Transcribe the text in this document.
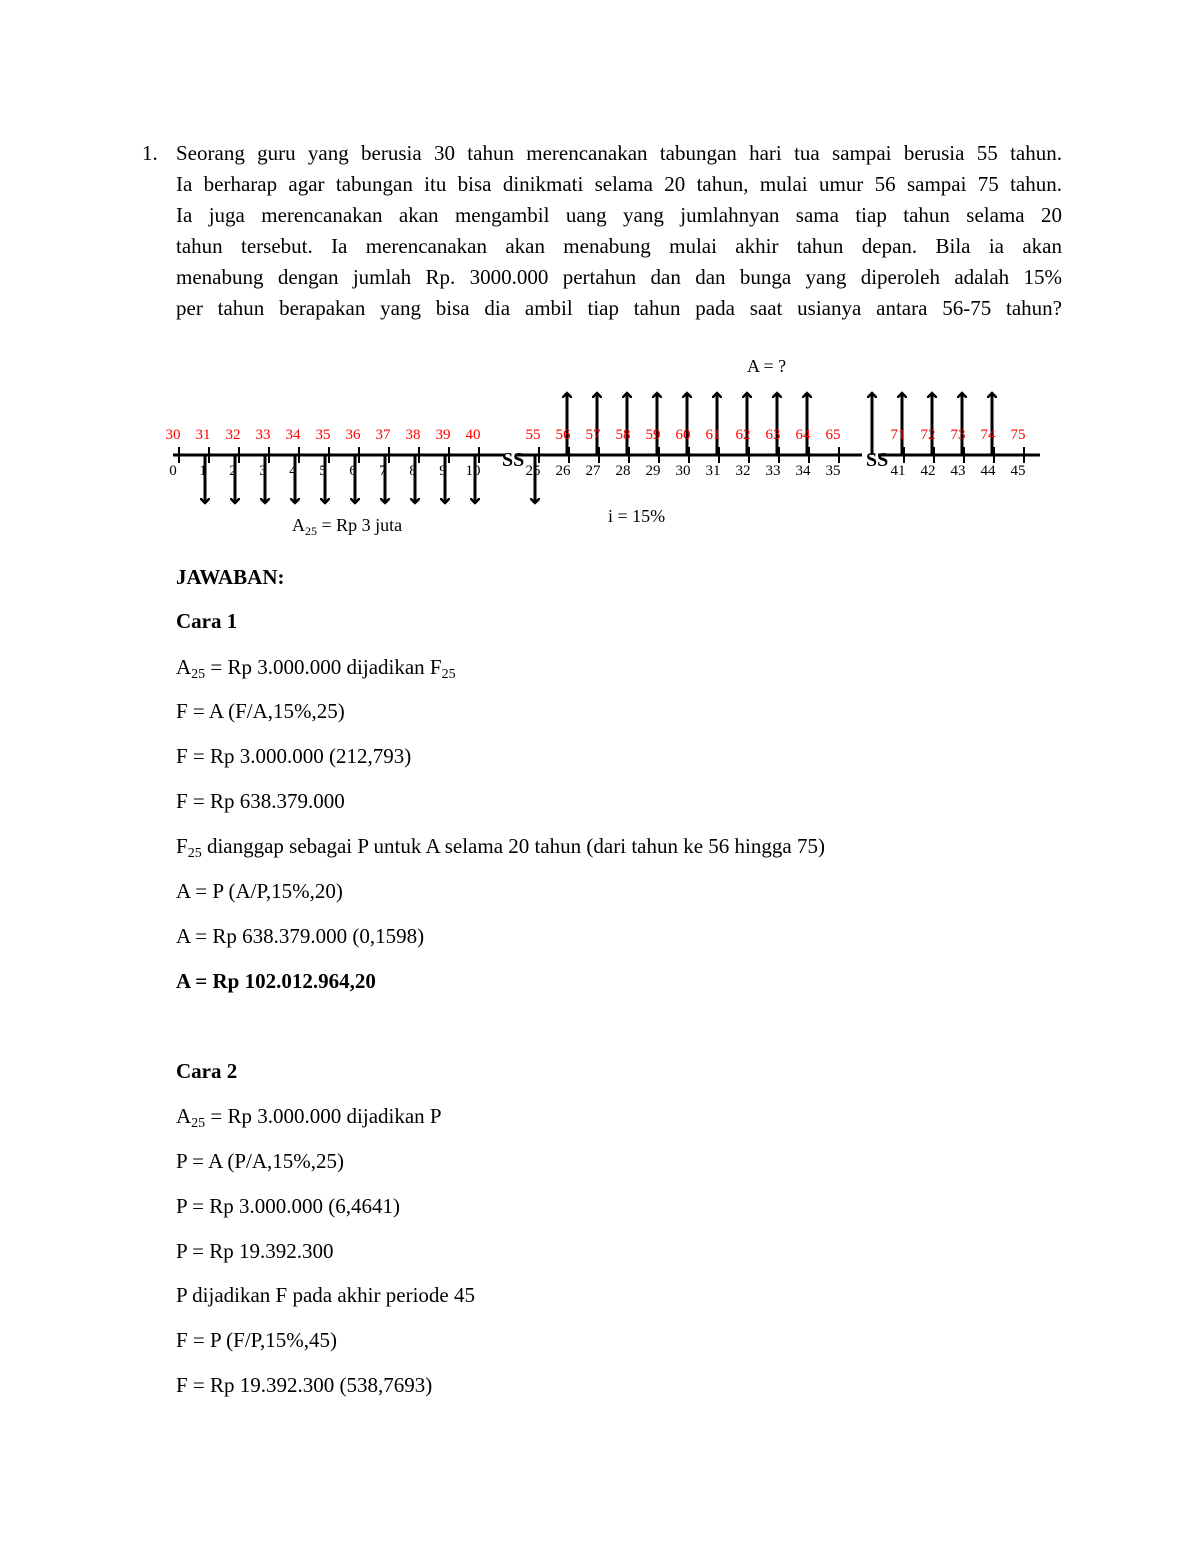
1. Seorang guru yang berusia 30 tahun merencanakan tabungan hari tua sampai berusia 55 tahun.
Ia berharap agar tabungan itu bisa dinikmati selama 20 tahun, mulai umur 56 sampai 75 tahun.
Ia juga merencanakan akan mengambil uang yang jumlahnyan sama tiap tahun selama 20
tahun tersebut. Ia merencanakan akan menabung mulai akhir tahun depan. Bila ia akan
menabung dengan jumlah Rp. 3000.000 pertahun dan dan bunga yang diperoleh adalah 15%
per tahun berapakan yang bisa dia ambil tiap tahun pada saat usianya antara 56-75 tahun?
SS	SS
30
0
31
1
32
2
33
3
34
4
35
5
36
6
37
7
38
8
39
9
40
10
55
25
56
26
57
27
58
28
59
29
60
30
61
31
62
32
63
33
64
34
65
35
71
41
72
42
73
43
74
44
75
45
A = ?
$A_{25} = Rp$ 3 juta	i = 15%

JAWABAN:

Cara 1

$A_{25} = Rp$ 3.000.000 dijadikan $F_{25}$

F = A (F/A,15%,25)

F = Rp 3.000.000 (212,793)

F = Rp 638.379.000

$F_{25}$ dianggap sebagai P untuk A selama 20 tahun (dari tahun ke 56 hingga 75)

A = P (A/P,15%,20)

A = Rp 638.379.000 (0,1598)

A = Rp 102.012.964,20

Cara 2

$A_{25} = Rp$ 3.000.000 dijadikan P

P = A (P/A,15%,25)

P = Rp 3.000.000 (6,4641)

P = Rp 19.392.300

P dijadikan F pada akhir periode 45

F = P (F/P,15%,45)

F = Rp 19.392.300 (538,7693)
